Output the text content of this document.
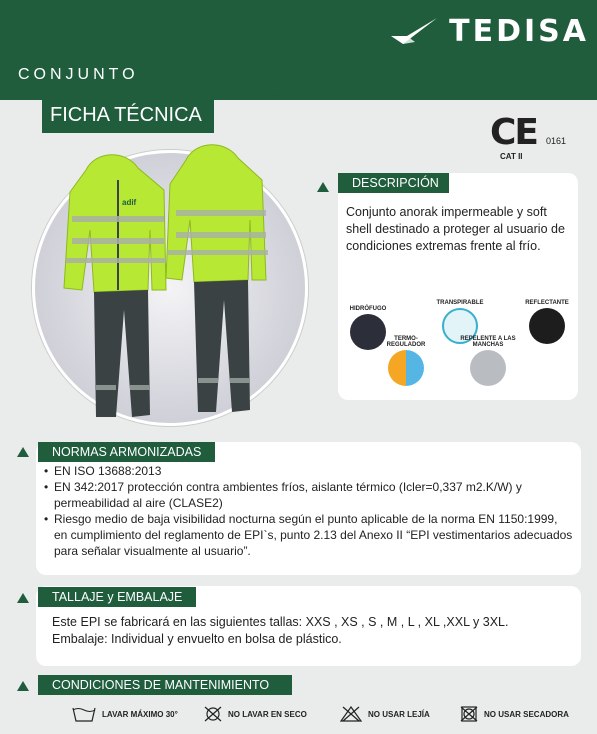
TEDISA
CONJUNTO
FICHA TÉCNICA	CE 0161
CAT II
adif
DESCRIPCIÓN
Conjunto anorak impermeable y soft shell destinado a proteger al usuario de condiciones extremas frente al frío.
HIDRÓFUGO
TRANSPIRABLE	REFLECTANTE
TERMO-REGULADOR
REPELENTE A LAS MANCHAS
NORMAS ARMONIZADAS
• EN ISO 13688:2013
• EN 342:2017 protección contra ambientes fríos, aislante térmico (Icler=0,337 m2.K/W) y permeabilidad al aire (CLASE2)
• Riesgo medio de baja visibilidad nocturna según el punto aplicable de la norma EN 1150:1999, en cumplimiento del reglamento de EPI`s, punto 2.13 del Anexo II “EPI vestimentarios adecuados para señalar visualmente al usuario”.
TALLAJE y EMBALAJE
Este EPI se fabricará en las siguientes tallas: XXS , XS , S , M , L , XL ,XXL y 3XL.
Embalaje: Individual y envuelto en bolsa de plástico.
CONDICIONES DE MANTENIMIENTO
LAVAR MÁXIMO 30°	NO LAVAR EN SECO	NO USAR LEJÍA	NO USAR SECADORA
